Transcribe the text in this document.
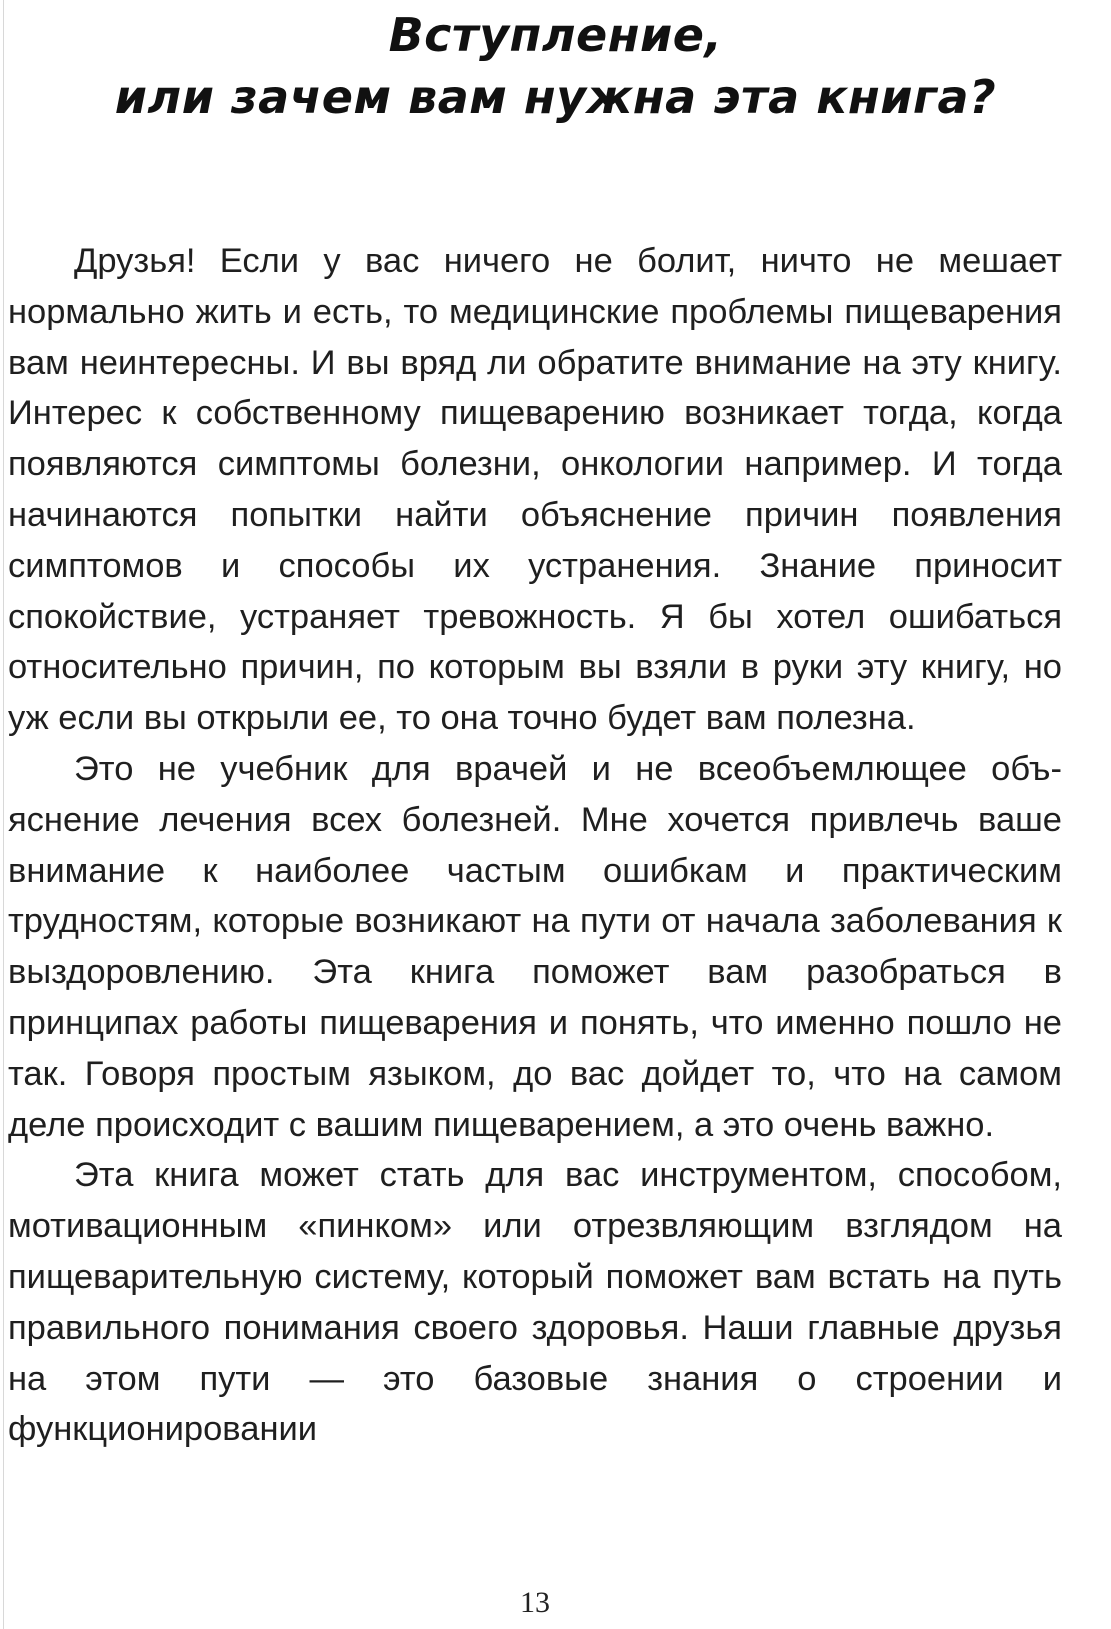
Вступление,
или зачем вам нужна эта книга?

Друзья! Если у вас ничего не болит, ничто не мешает нормально жить и есть, то медицинские проблемы пищеварения вам неинтересны. И вы вряд ли обратите внимание на эту книгу. Интерес к собственному пищеварению возникает тогда, когда появляются симптомы болезни, онкологии например. И тогда начинаются попытки найти объяснение причин появления симптомов и способы их устранения. Знание приносит спокойствие, устраняет тревожность. Я бы хотел ошибаться относительно причин, по которым вы взяли в руки эту книгу, но уж если вы открыли ее, то она точно будет вам полезна.

Это не учебник для врачей и не всеобъемлющее объяснение лечения всех болезней. Мне хочется привлечь ваше внимание к наиболее частым ошибкам и практическим трудностям, которые возникают на пути от начала заболевания к выздоровлению. Эта книга поможет вам разобраться в принципах работы пищеварения и понять, что именно пошло не так. Говоря простым языком, до вас дойдет то, что на самом деле происходит с вашим пищеварением, а это очень важно.

Эта книга может стать для вас инструментом, способом, мотивационным «пинком» или отрезвляющим взглядом на пищеварительную систему, который поможет вам встать на путь правильного понимания своего здоровья. Наши главные друзья на этом пути — это базовые знания о строении и функционировании

13
